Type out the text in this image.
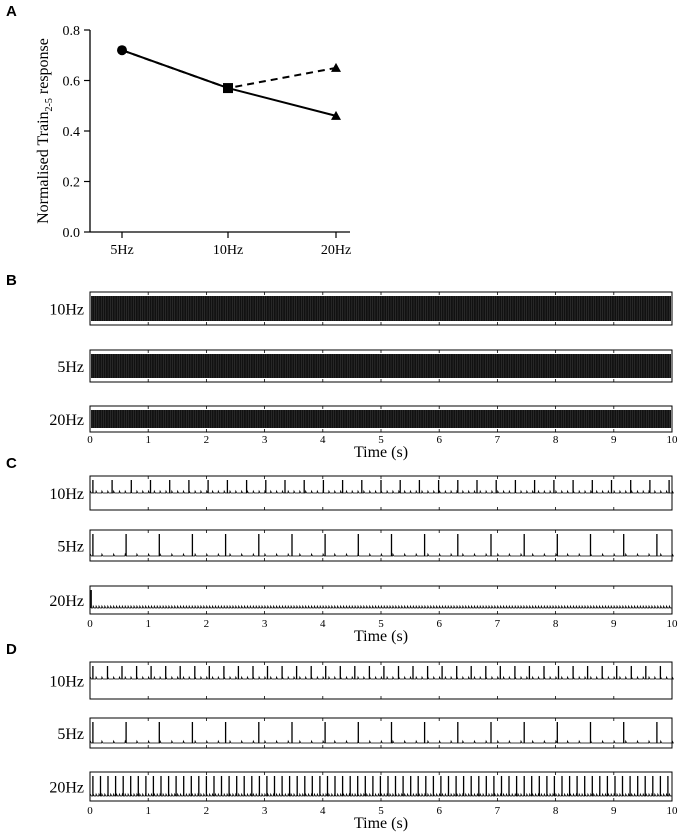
A
0.0
0.2
0.4
0.6
0.8
5Hz	10Hz	20Hz
Normalised Train$_{2-5}$ response
B
10Hz
5Hz
20Hz
0	1	2	3	4	5	6	7	8	9	10
Time (s)
C
10Hz
5Hz
20Hz
0	1	2	3	4	5	6	7	8	9	10
Time (s)
D
10Hz
5Hz
20Hz
0	1	2	3	4	5	6	7	8	9	10
Time (s)
